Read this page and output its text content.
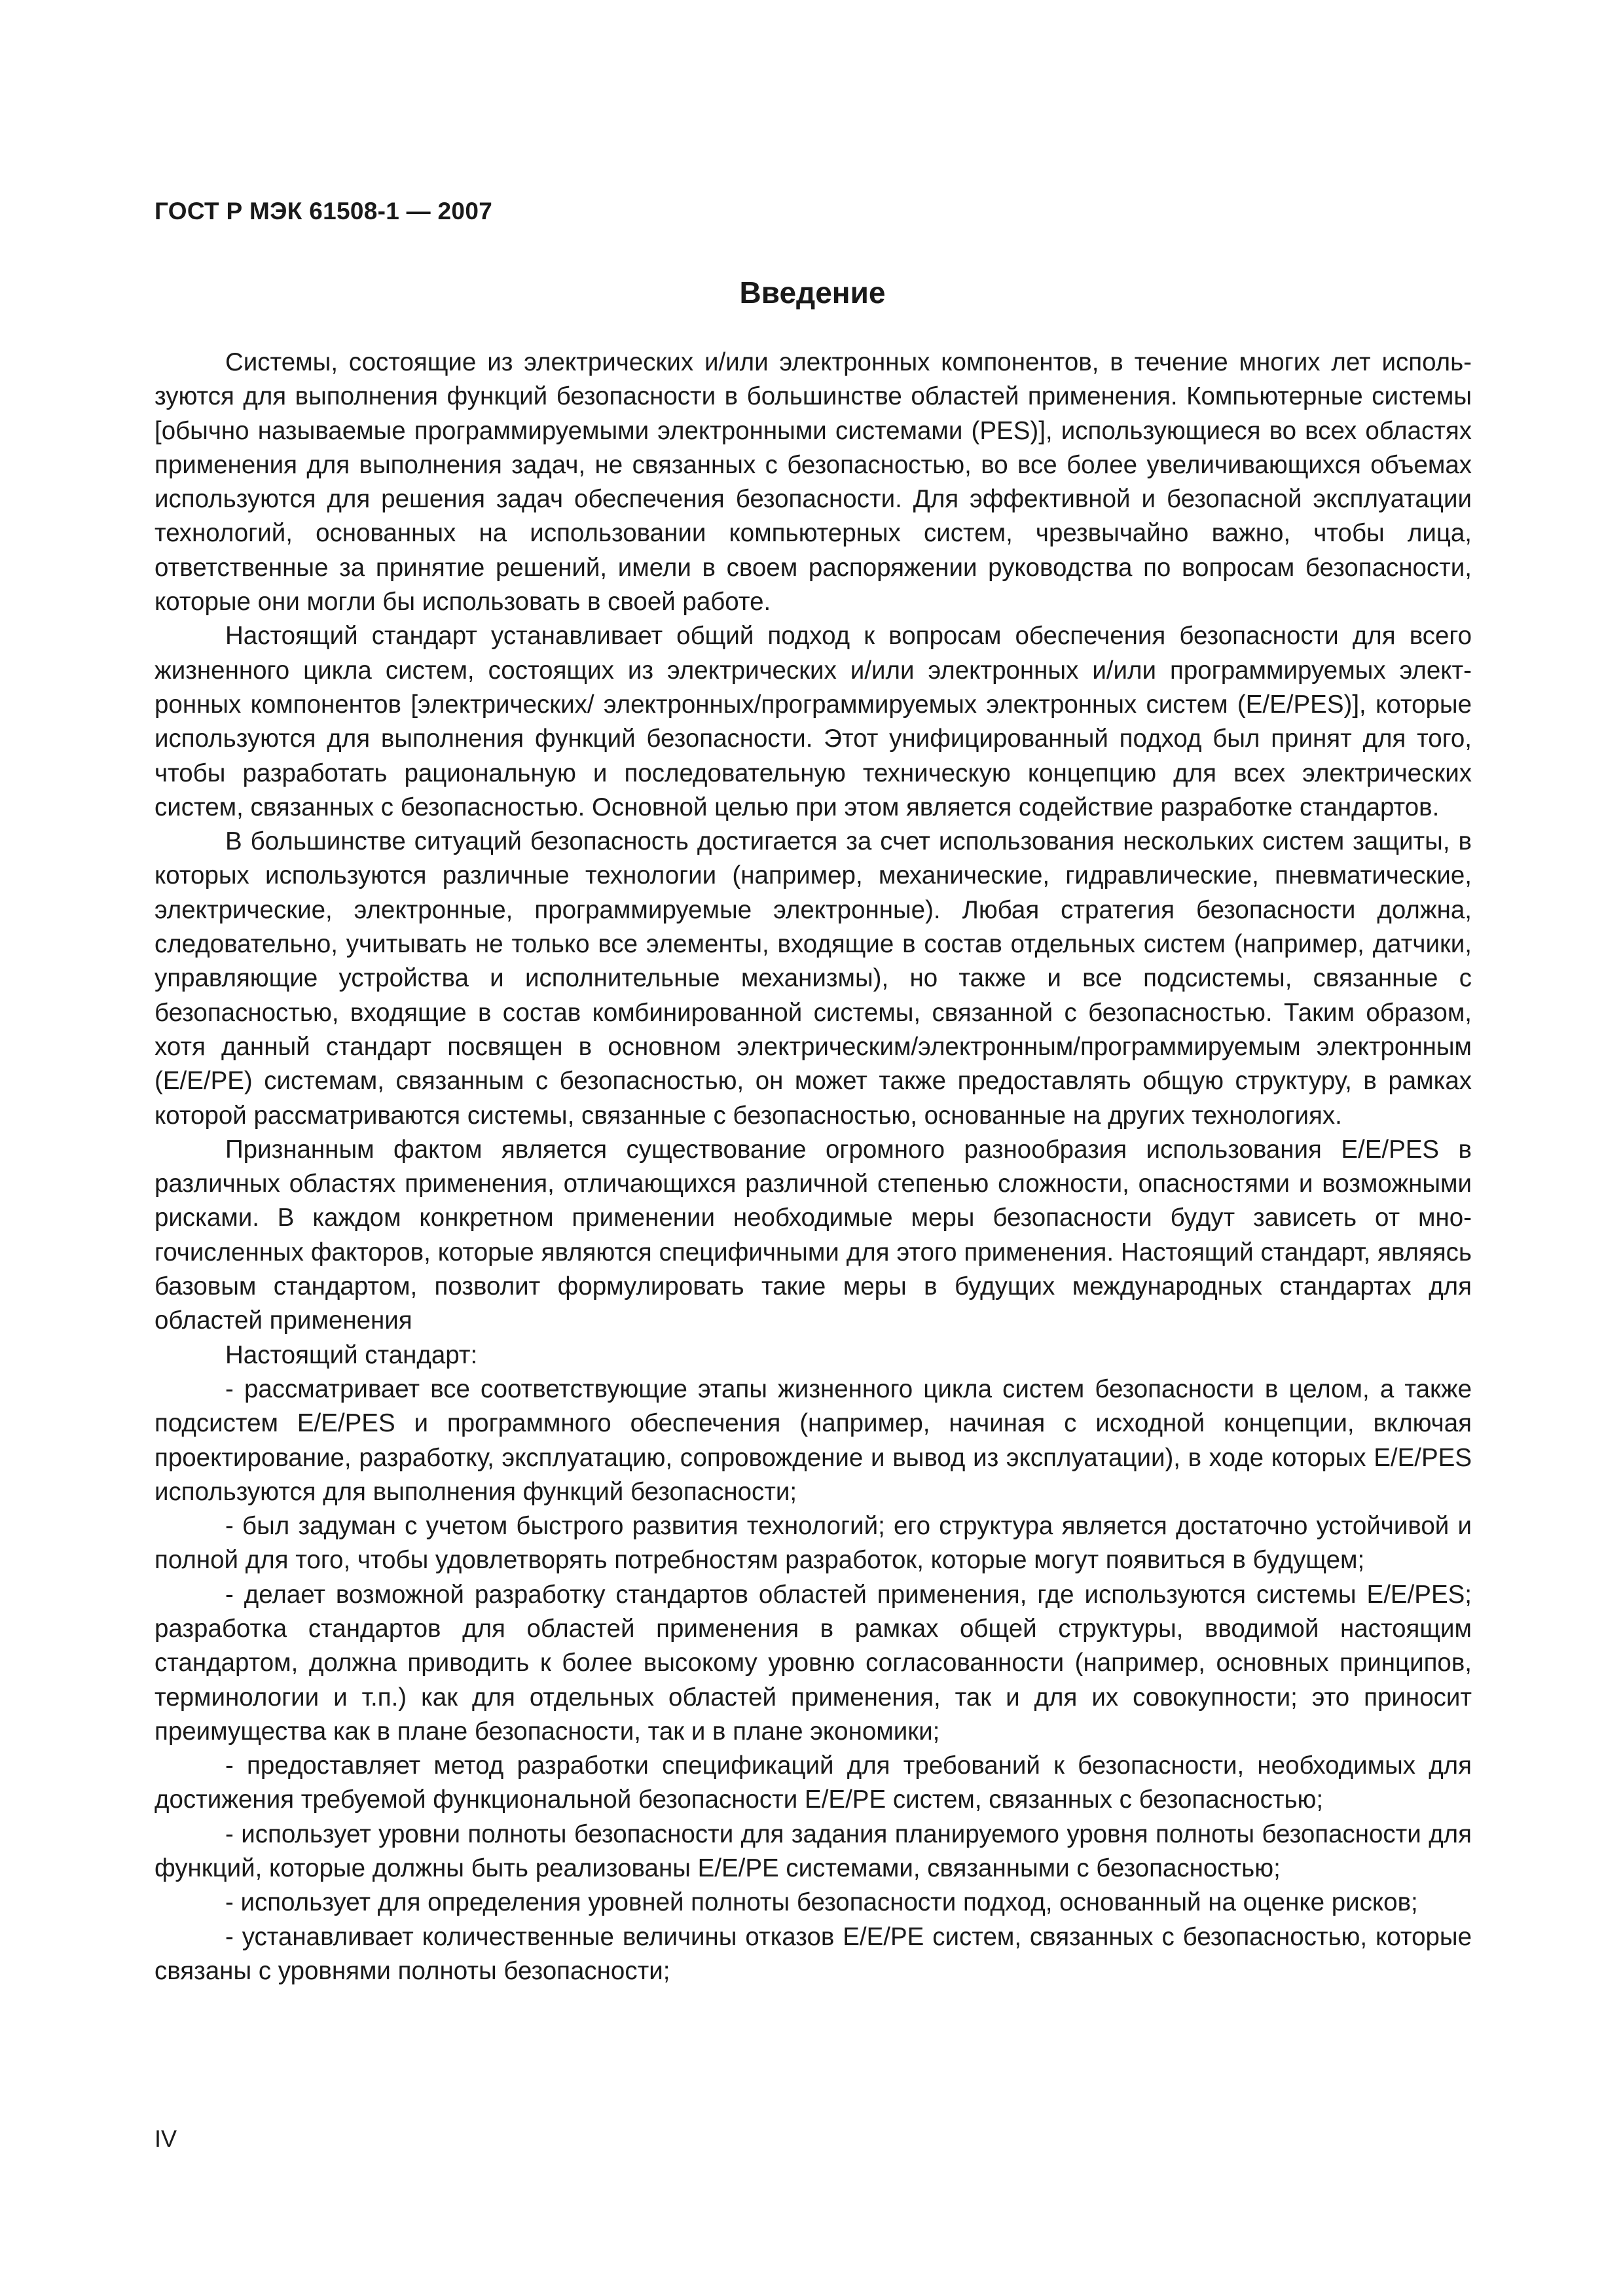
ГОСТ Р МЭК 61508-1 — 2007
Введение

Системы, состоящие из электрических и/или электронных компонентов, в течение многих лет используются для выполнения функций безопасности в большинстве областей применения. Компьютерные системы [обычно называемые программируемыми электронными системами (PES)], использующиеся во всех областях применения для выполнения задач, не связанных с безопасностью, во все более увеличивающихся объемах используются для решения задач обеспечения безопасности. Для эффективной и безопасной эксплуатации технологий, основанных на использовании компьютерных систем, чрезвычайно важно, чтобы лица, ответственные за принятие решений, имели в своем распоряжении руководства по вопросам безопасности, которые они могли бы использовать в своей работе.

Настоящий стандарт устанавливает общий подход к вопросам обеспечения безопасности для всего жизненного цикла систем, состоящих из электрических и/или электронных и/или программируемых электронных компонентов [электрических/ электронных/программируемых электронных систем (E/E/PES)], которые используются для выполнения функций безопасности. Этот унифицированный подход был принят для того, чтобы разработать рациональную и последовательную техническую концепцию для всех электрических систем, связанных с безопасностью. Основной целью при этом является содействие разработке стандартов.

В большинстве ситуаций безопасность достигается за счет использования нескольких систем защиты, в которых используются различные технологии (например, механические, гидравлические, пневматические, электрические, электронные, программируемые электронные). Любая стратегия безопасности должна, следовательно, учитывать не только все элементы, входящие в состав отдельных систем (например, датчики, управляющие устройства и исполнительные механизмы), но также и все подсистемы, связанные с безопасностью, входящие в состав комбинированной системы, связанной с безопасностью. Таким образом, хотя данный стандарт посвящен в основном электрическим/электронным/программируемым электронным (E/E/PE) системам, связанным с безопасностью, он может также предоставлять общую структуру, в рамках которой рассматриваются системы, связанные с безопасностью, основанные на других технологиях.

Признанным фактом является существование огромного разнообразия использования E/E/PES в различных областях применения, отличающихся различной степенью сложности, опасностями и возможными рисками. В каждом конкретном применении необходимые меры безопасности будут зависеть от многочисленных факторов, которые являются специфичными для этого применения. Настоящий стандарт, являясь базовым стандартом, позволит формулировать такие меры в будущих международных стандартах для областей применения

Настоящий стандарт:

- рассматривает все соответствующие этапы жизненного цикла систем безопасности в целом, а также подсистем E/E/PES и программного обеспечения (например, начиная с исходной концепции, включая проектирование, разработку, эксплуатацию, сопровождение и вывод из эксплуатации), в ходе которых E/E/PES используются для выполнения функций безопасности;

- был задуман с учетом быстрого развития технологий; его структура является достаточно устойчивой и полной для того, чтобы удовлетворять потребностям разработок, которые могут появиться в будущем;

- делает возможной разработку стандартов областей применения, где используются системы E/E/PES; разработка стандартов для областей применения в рамках общей структуры, вводимой настоящим стандартом, должна приводить к более высокому уровню согласованности (например, основных принципов, терминологии и т.п.) как для отдельных областей применения, так и для их совокупности; это приносит преимущества как в плане безопасности, так и в плане экономики;

- предоставляет метод разработки спецификаций для требований к безопасности, необходимых для достижения требуемой функциональной безопасности E/E/PE систем, связанных с безопасностью;

- использует уровни полноты безопасности для задания планируемого уровня полноты безопасности для функций, которые должны быть реализованы E/E/PE системами, связанными с безопасностью;

- использует для определения уровней полноты безопасности подход, основанный на оценке рисков;

- устанавливает количественные величины отказов E/E/PE систем, связанных с безопасностью, которые связаны с уровнями полноты безопасности;

IV
